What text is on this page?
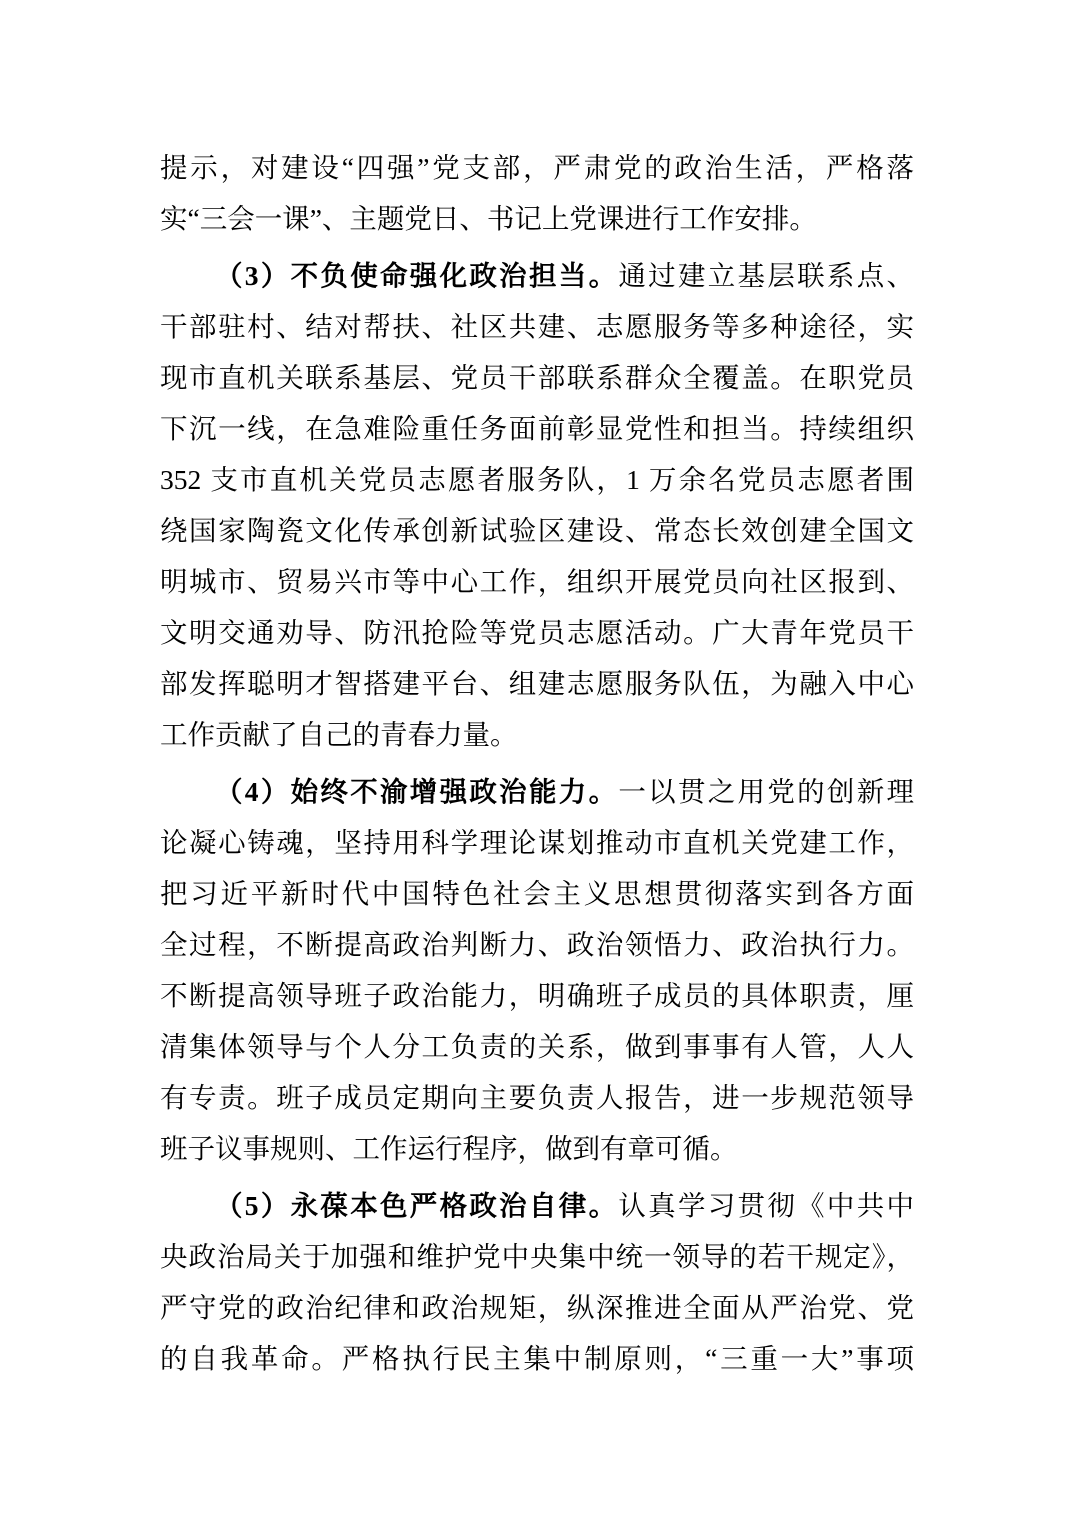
提示，对建设“四强”党支部，严肃党的政治生活，严格落
实“三会一课”、主题党日、书记上党课进行工作安排。
（3）不负使命强化政治担当。通过建立基层联系点、
干部驻村、结对帮扶、社区共建、志愿服务等多种途径，实
现市直机关联系基层、党员干部联系群众全覆盖。在职党员
下沉一线，在急难险重任务面前彰显党性和担当。持续组织
352 支市直机关党员志愿者服务队，1 万余名党员志愿者围
绕国家陶瓷文化传承创新试验区建设、常态长效创建全国文
明城市、贸易兴市等中心工作，组织开展党员向社区报到、
文明交通劝导、防汛抢险等党员志愿活动。广大青年党员干
部发挥聪明才智搭建平台、组建志愿服务队伍，为融入中心
工作贡献了自己的青春力量。
（4）始终不渝增强政治能力。一以贯之用党的创新理
论凝心铸魂，坚持用科学理论谋划推动市直机关党建工作，
把习近平新时代中国特色社会主义思想贯彻落实到各方面
全过程，不断提高政治判断力、政治领悟力、政治执行力。
不断提高领导班子政治能力，明确班子成员的具体职责，厘
清集体领导与个人分工负责的关系，做到事事有人管，人人
有专责。班子成员定期向主要负责人报告，进一步规范领导
班子议事规则、工作运行程序，做到有章可循。
（5）永葆本色严格政治自律。认真学习贯彻《中共中
央政治局关于加强和维护党中央集中统一领导的若干规定》，
严守党的政治纪律和政治规矩，纵深推进全面从严治党、党
的自我革命。严格执行民主集中制原则，“三重一大”事项
